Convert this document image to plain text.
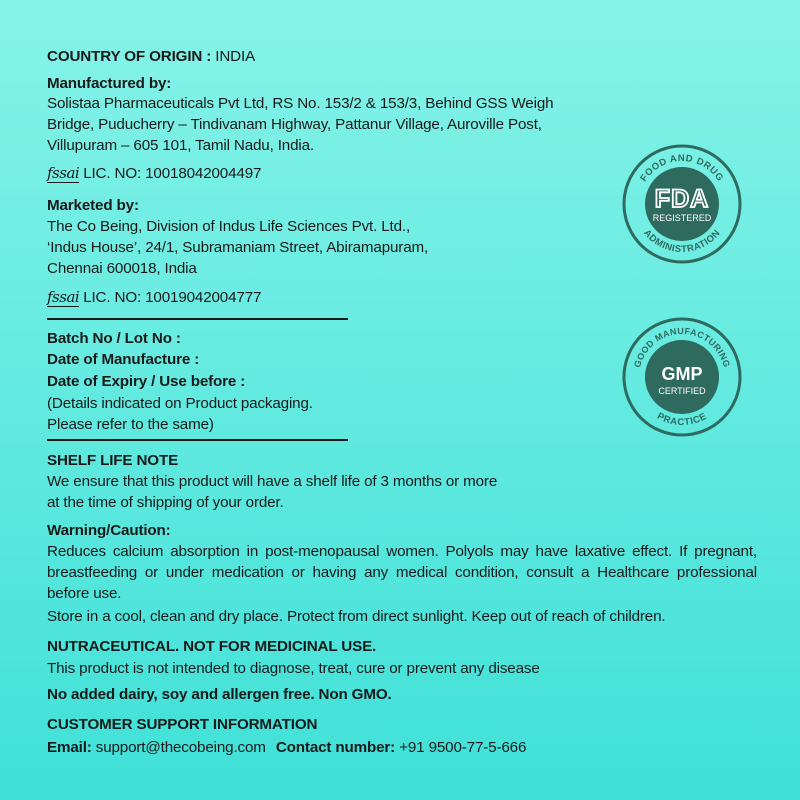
COUNTRY OF ORIGIN : INDIA
Manufactured by:
Solistaa Pharmaceuticals Pvt Ltd, RS No. 153/2 & 153/3, Behind GSS Weigh
Bridge, Puducherry – Tindivanam Highway, Pattanur Village, Auroville Post,
Villupuram – 605 101, Tamil Nadu, India.
fssai LIC. NO: 10018042004497
Marketed by:
The Co Being, Division of Indus Life Sciences Pvt. Ltd.,
‘Indus House’, 24/1, Subramaniam Street, Abiramapuram,
Chennai 600018, India
fssai LIC. NO: 10019042004777
Batch No / Lot No :
Date of Manufacture :
Date of Expiry / Use before :
(Details indicated on Product packaging.
Please refer to the same)
SHELF LIFE NOTE
We ensure that this product will have a shelf life of 3 months or more
at the time of shipping of your order.
Warning/Caution:
Reduces calcium absorption in post-menopausal women. Polyols may have laxative effect. If pregnant, breastfeeding or under medication or having any medical condition, consult a Healthcare professional before use.
Store in a cool, clean and dry place. Protect from direct sunlight. Keep out of reach of children.
NUTRACEUTICAL. NOT FOR MEDICINAL USE.
This product is not intended to diagnose, treat, cure or prevent any disease
No added dairy, soy and allergen free. Non GMO.
CUSTOMER SUPPORT INFORMATION
Email: support@thecobeing.com Contact number: +91 9500-77-5-666
FOOD AND DRUG
ADMINISTRATION
FDA
REGISTERED
GOOD MANUFACTURING
PRACTICE
GMP
CERTIFIED
